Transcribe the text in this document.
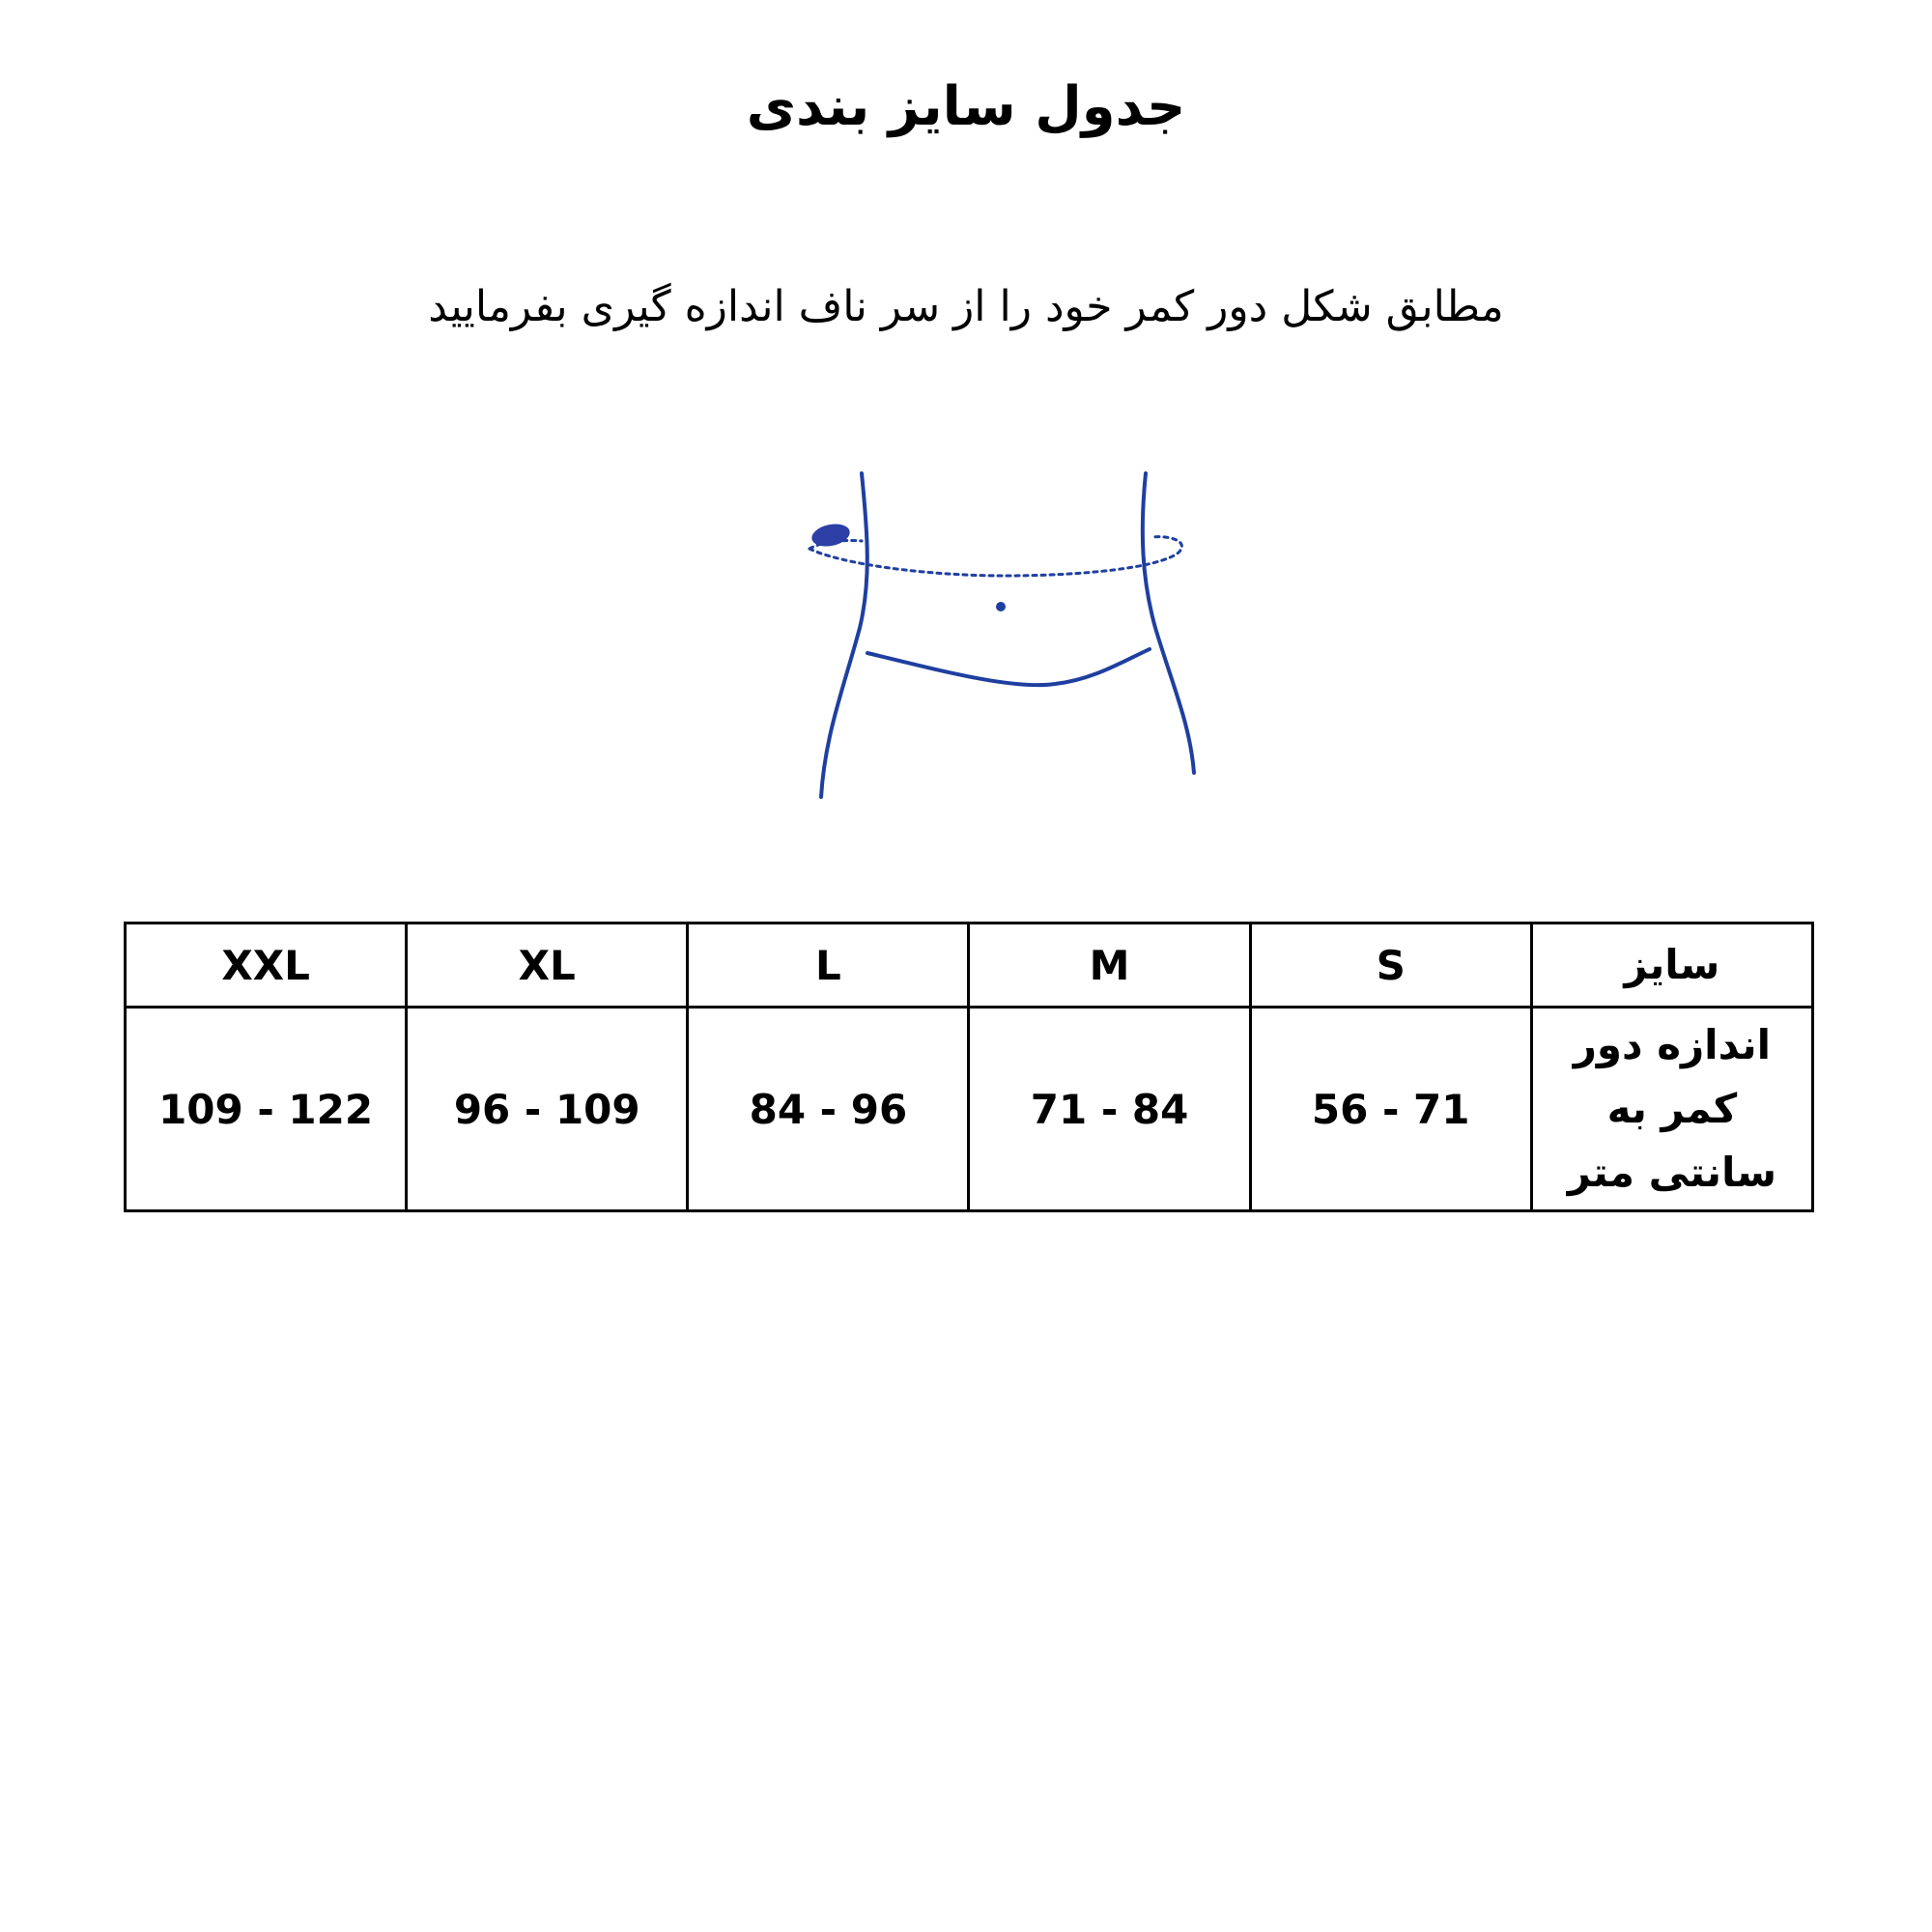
جدول سایز بندی
مطابق شکل دور کمر خود را از سر ناف اندازه گیری بفرمایید
XXL	XL	L	M	S	سایز
109 - 122	96 - 109	84 - 96	71 - 84	56 - 71	اندازه دور کمر به سانتی متر
